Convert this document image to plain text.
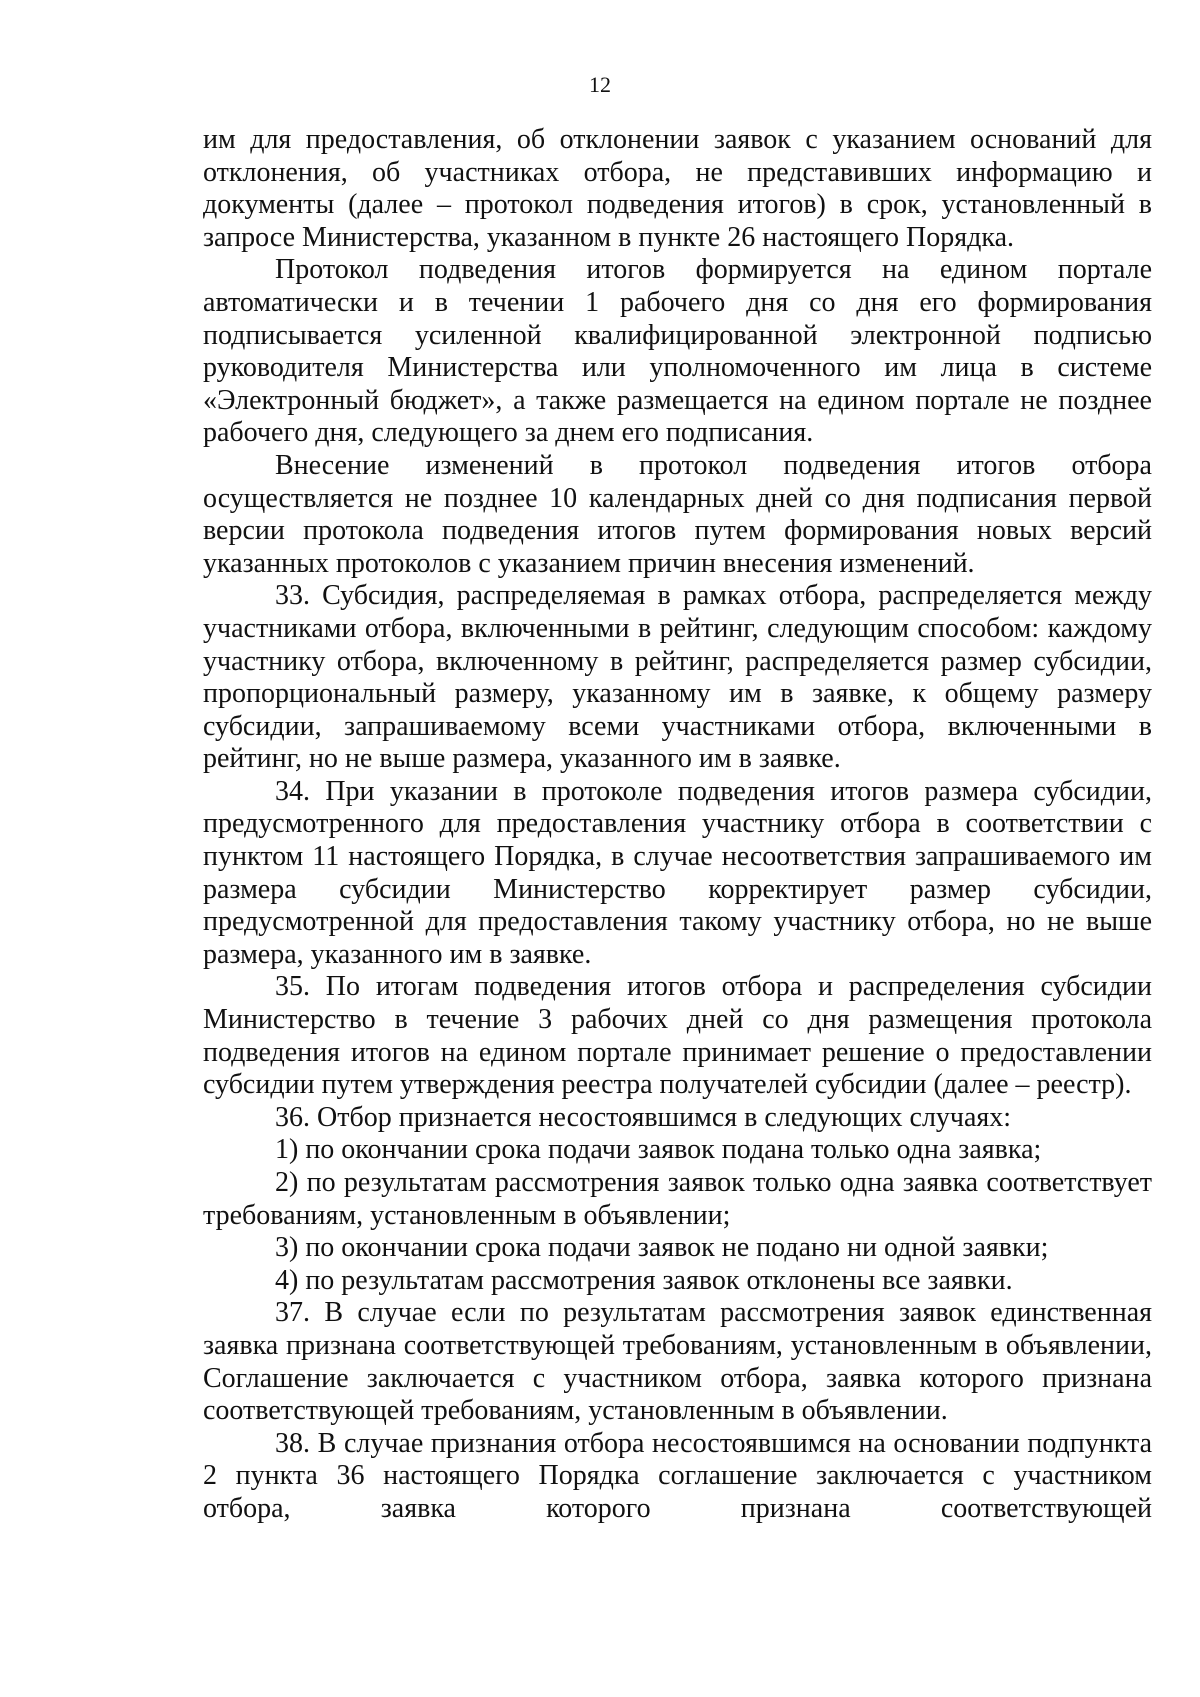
12

им для предоставления, об отклонении заявок с указанием оснований для отклонения, об участниках отбора, не представивших информацию и документы (далее – протокол подведения итогов) в срок, установленный в запросе Министерства, указанном в пункте 26 настоящего Порядка.

Протокол подведения итогов формируется на едином портале автоматически и в течении 1 рабочего дня со дня его формирования подписывается усиленной квалифицированной электронной подписью руководителя Министерства или уполномоченного им лица в системе «Электронный бюджет», а также размещается на едином портале не позднее рабочего дня, следующего за днем его подписания.

Внесение изменений в протокол подведения итогов отбора осуществляется не позднее 10 календарных дней со дня подписания первой версии протокола подведения итогов путем формирования новых версий указанных протоколов с указанием причин внесения изменений.

33. Субсидия, распределяемая в рамках отбора, распределяется между участниками отбора, включенными в рейтинг, следующим способом: каждому участнику отбора, включенному в рейтинг, распределяется размер субсидии, пропорциональный размеру, указанному им в заявке, к общему размеру субсидии, запрашиваемому всеми участниками отбора, включенными в рейтинг, но не выше размера, указанного им в заявке.

34. При указании в протоколе подведения итогов размера субсидии, предусмотренного для предоставления участнику отбора в соответствии с пунктом 11 настоящего Порядка, в случае несоответствия запрашиваемого им размера субсидии Министерство корректирует размер субсидии, предусмотренной для предоставления такому участнику отбора, но не выше размера, указанного им в заявке.

35. По итогам подведения итогов отбора и распределения субсидии Министерство в течение 3 рабочих дней со дня размещения протокола подведения итогов на едином портале принимает решение о предоставлении субсидии путем утверждения реестра получателей субсидии (далее – реестр).

36. Отбор признается несостоявшимся в следующих случаях:

1) по окончании срока подачи заявок подана только одна заявка;

2) по результатам рассмотрения заявок только одна заявка соответствует требованиям, установленным в объявлении;

3) по окончании срока подачи заявок не подано ни одной заявки;

4) по результатам рассмотрения заявок отклонены все заявки.

37. В случае если по результатам рассмотрения заявок единственная заявка признана соответствующей требованиям, установленным в объявлении, Соглашение заключается с участником отбора, заявка которого признана соответствующей требованиям, установленным в объявлении.

38. В случае признания отбора несостоявшимся на основании подпункта 2 пункта 36 настоящего Порядка соглашение заключается с участником отбора, заявка которого признана соответствующей
